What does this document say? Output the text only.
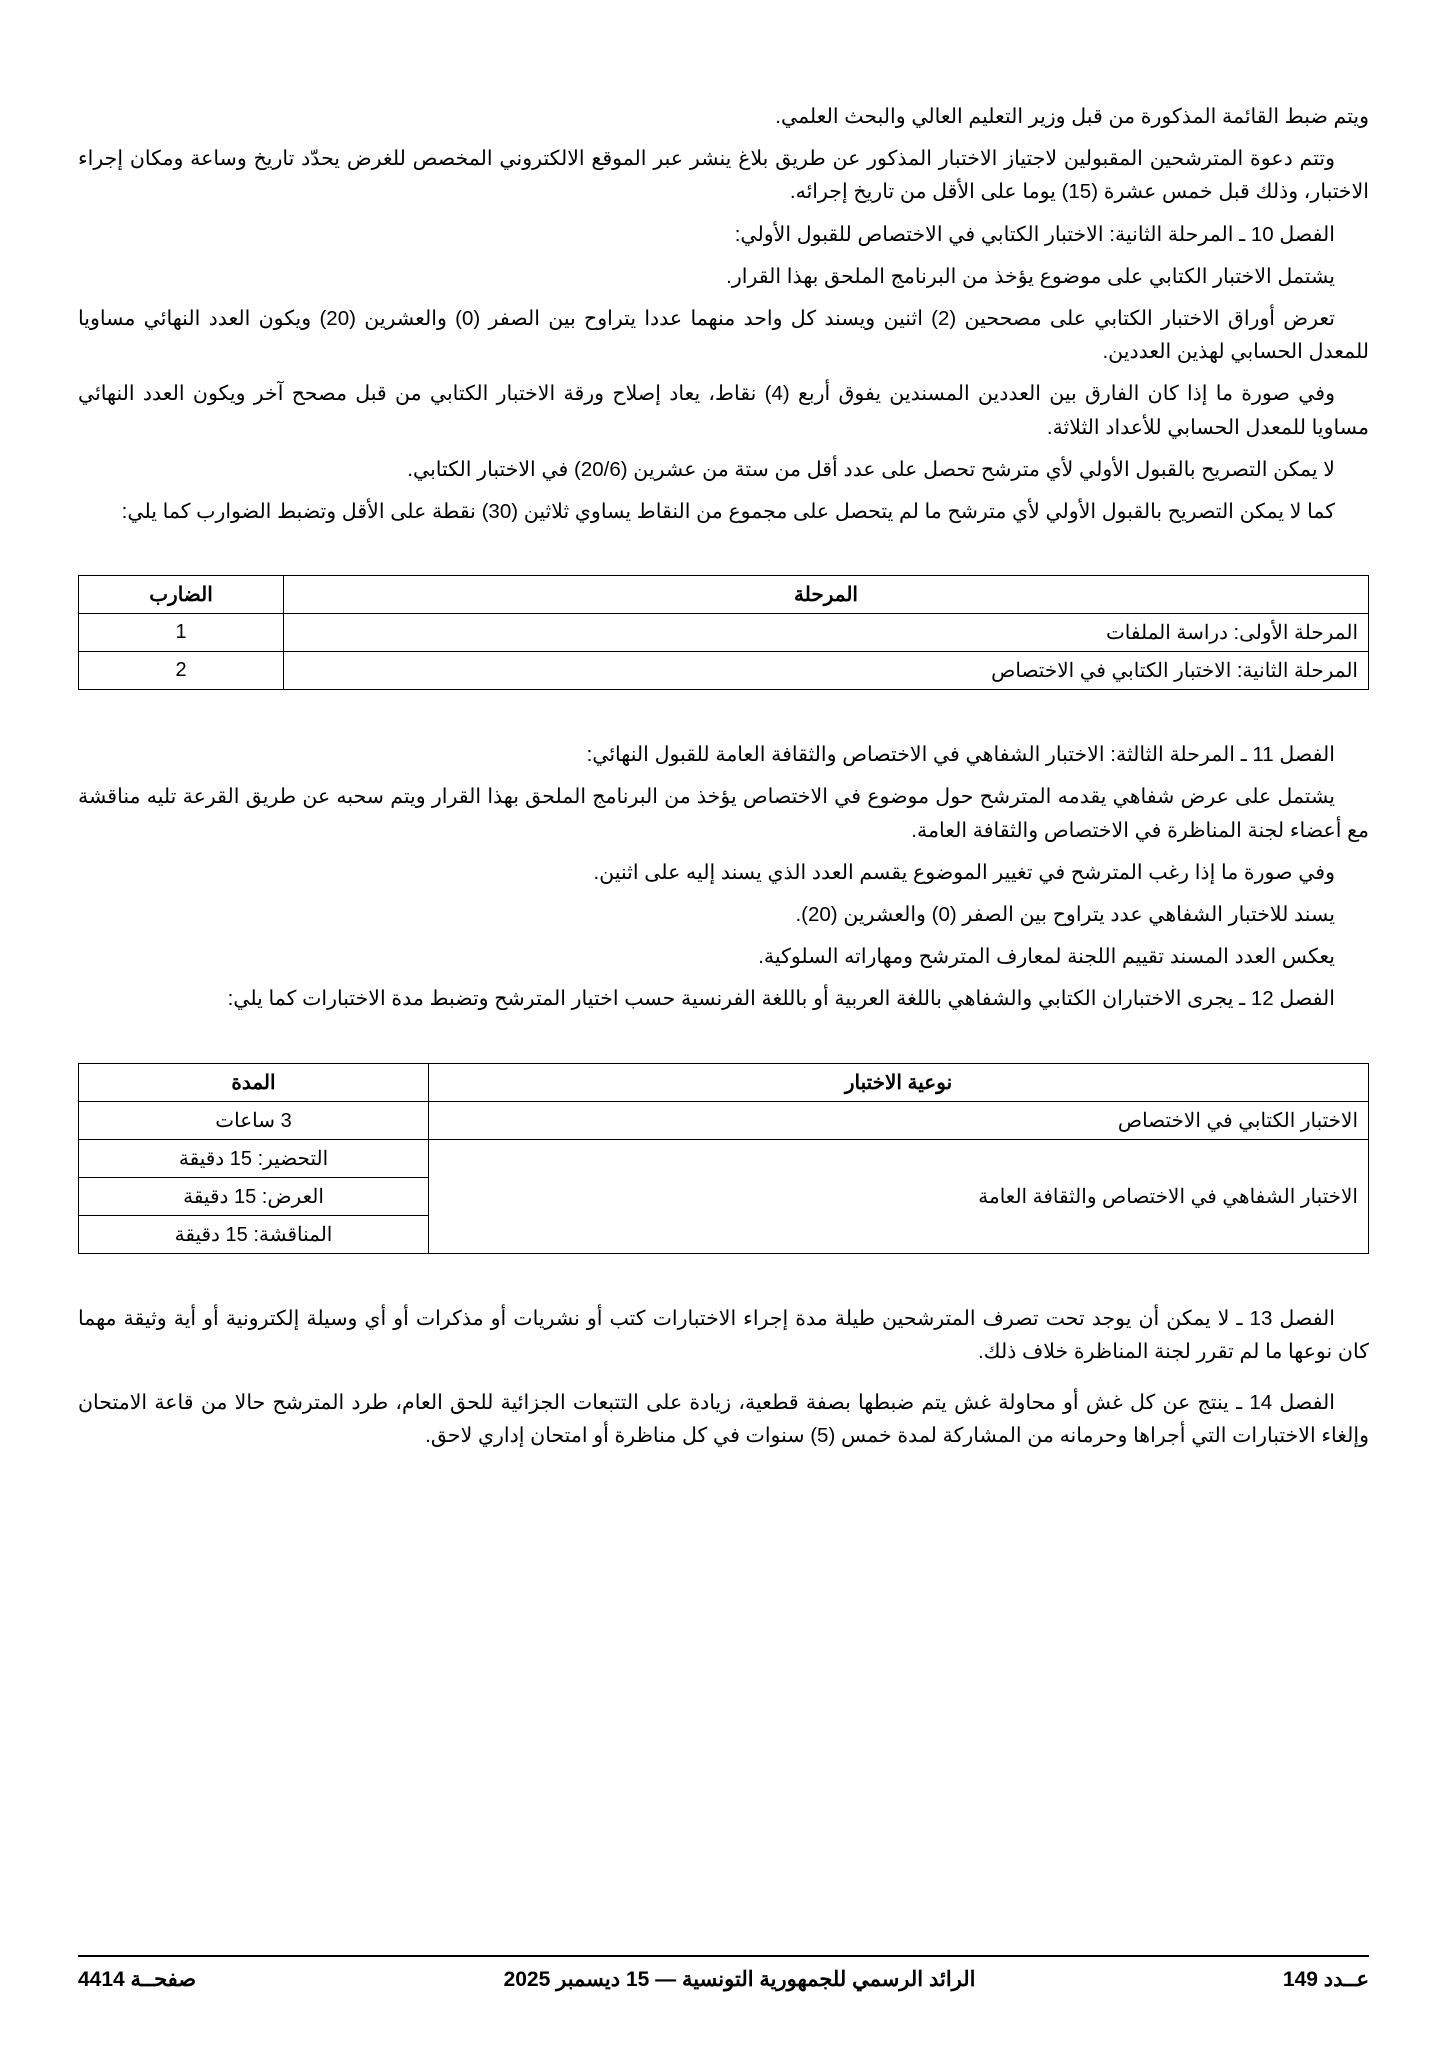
ويتم ضبط القائمة المذكورة من قبل وزير التعليم العالي والبحث العلمي.

وتتم دعوة المترشحين المقبولين لاجتياز الاختبار المذكور عن طريق بلاغ ينشر عبر الموقع الالكتروني المخصص للغرض يحدّد تاريخ وساعة ومكان إجراء الاختبار، وذلك قبل خمس عشرة (15) يوما على الأقل من تاريخ إجرائه.

الفصل 10 ـ المرحلة الثانية: الاختبار الكتابي في الاختصاص للقبول الأولي:

يشتمل الاختبار الكتابي على موضوع يؤخذ من البرنامج الملحق بهذا القرار.

تعرض أوراق الاختبار الكتابي على مصححين (2) اثنين ويسند كل واحد منهما عددا يتراوح بين الصفر (0) والعشرين (20) ويكون العدد النهائي مساويا للمعدل الحسابي لهذين العددين.

وفي صورة ما إذا كان الفارق بين العددين المسندين يفوق أربع (4) نقاط، يعاد إصلاح ورقة الاختبار الكتابي من قبل مصحح آخر ويكون العدد النهائي مساويا للمعدل الحسابي للأعداد الثلاثة.

لا يمكن التصريح بالقبول الأولي لأي مترشح تحصل على عدد أقل من ستة من عشرين (20/6) في الاختبار الكتابي.

كما لا يمكن التصريح بالقبول الأولي لأي مترشح ما لم يتحصل على مجموع من النقاط يساوي ثلاثين (30) نقطة على الأقل وتضبط الضوارب كما يلي:

المرحلة	الضارب
المرحلة الأولى: دراسة الملفات	1
المرحلة الثانية: الاختبار الكتابي في الاختصاص	2

الفصل 11 ـ المرحلة الثالثة: الاختبار الشفاهي في الاختصاص والثقافة العامة للقبول النهائي:

يشتمل على عرض شفاهي يقدمه المترشح حول موضوع في الاختصاص يؤخذ من البرنامج الملحق بهذا القرار ويتم سحبه عن طريق القرعة تليه مناقشة مع أعضاء لجنة المناظرة في الاختصاص والثقافة العامة.

وفي صورة ما إذا رغب المترشح في تغيير الموضوع يقسم العدد الذي يسند إليه على اثنين.

يسند للاختبار الشفاهي عدد يتراوح بين الصفر (0) والعشرين (20).

يعكس العدد المسند تقييم اللجنة لمعارف المترشح ومهاراته السلوكية.

الفصل 12 ـ يجرى الاختباران الكتابي والشفاهي باللغة العربية أو باللغة الفرنسية حسب اختيار المترشح وتضبط مدة الاختبارات كما يلي:

نوعية الاختبار	المدة
الاختبار الكتابي في الاختصاص	3 ساعات
الاختبار الشفاهي في الاختصاص والثقافة العامة	التحضير: 15 دقيقة
	العرض: 15 دقيقة
	المناقشة: 15 دقيقة

الفصل 13 ـ لا يمكن أن يوجد تحت تصرف المترشحين طيلة مدة إجراء الاختبارات كتب أو نشريات أو مذكرات أو أي وسيلة إلكترونية أو أية وثيقة مهما كان نوعها ما لم تقرر لجنة المناظرة خلاف ذلك.

الفصل 14 ـ ينتج عن كل غش أو محاولة غش يتم ضبطها بصفة قطعية، زيادة على التتبعات الجزائية للحق العام، طرد المترشح حالا من قاعة الامتحان وإلغاء الاختبارات التي أجراها وحرمانه من المشاركة لمدة خمس (5) سنوات في كل مناظرة أو امتحان إداري لاحق.

صفحــة 4414	الرائد الرسمي للجمهورية التونسية — 15 ديسمبر 2025	عــدد 149
